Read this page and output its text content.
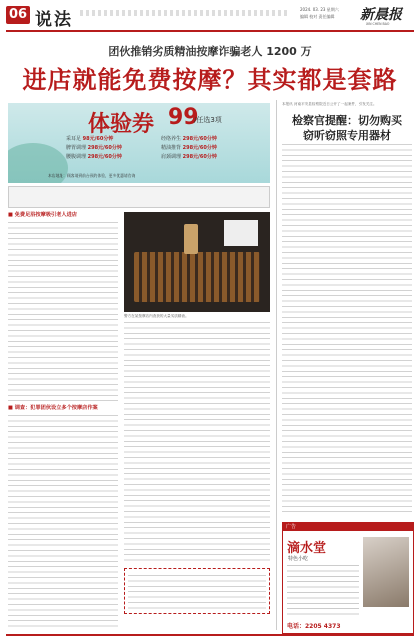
06 说法
2024. 03. 23 星期六
编辑 校对 责任编辑 新晨报
XIN CHEN BAO
团伙推销劣质精油按摩诈骗老人 1200 万
进店就能免费按摩？其实都是套路
体验券 99
/任选3项
采耳足 98元/60分钟	经络养生 298元/60分钟
脾胃调理 298元/60分钟	精油推背 298元/60分钟
腰腹调理 298元/60分钟	肩颈调理 298元/60分钟
本店地址：顾客请到前台预约体验，更多优惠请咨询
■ 免费足浴按摩吸引老人进店
■ 调查：犯罪团伙设立多个按摩店作案
警方在某按摩店内查获的大量劣质精油。
本报讯 河南平安县检察院近日公开了一起案件，引发关注。
检察官提醒：切勿购买
窃听窃照专用器材
广告
滴水堂
特色小吃
电话：2205 4373
